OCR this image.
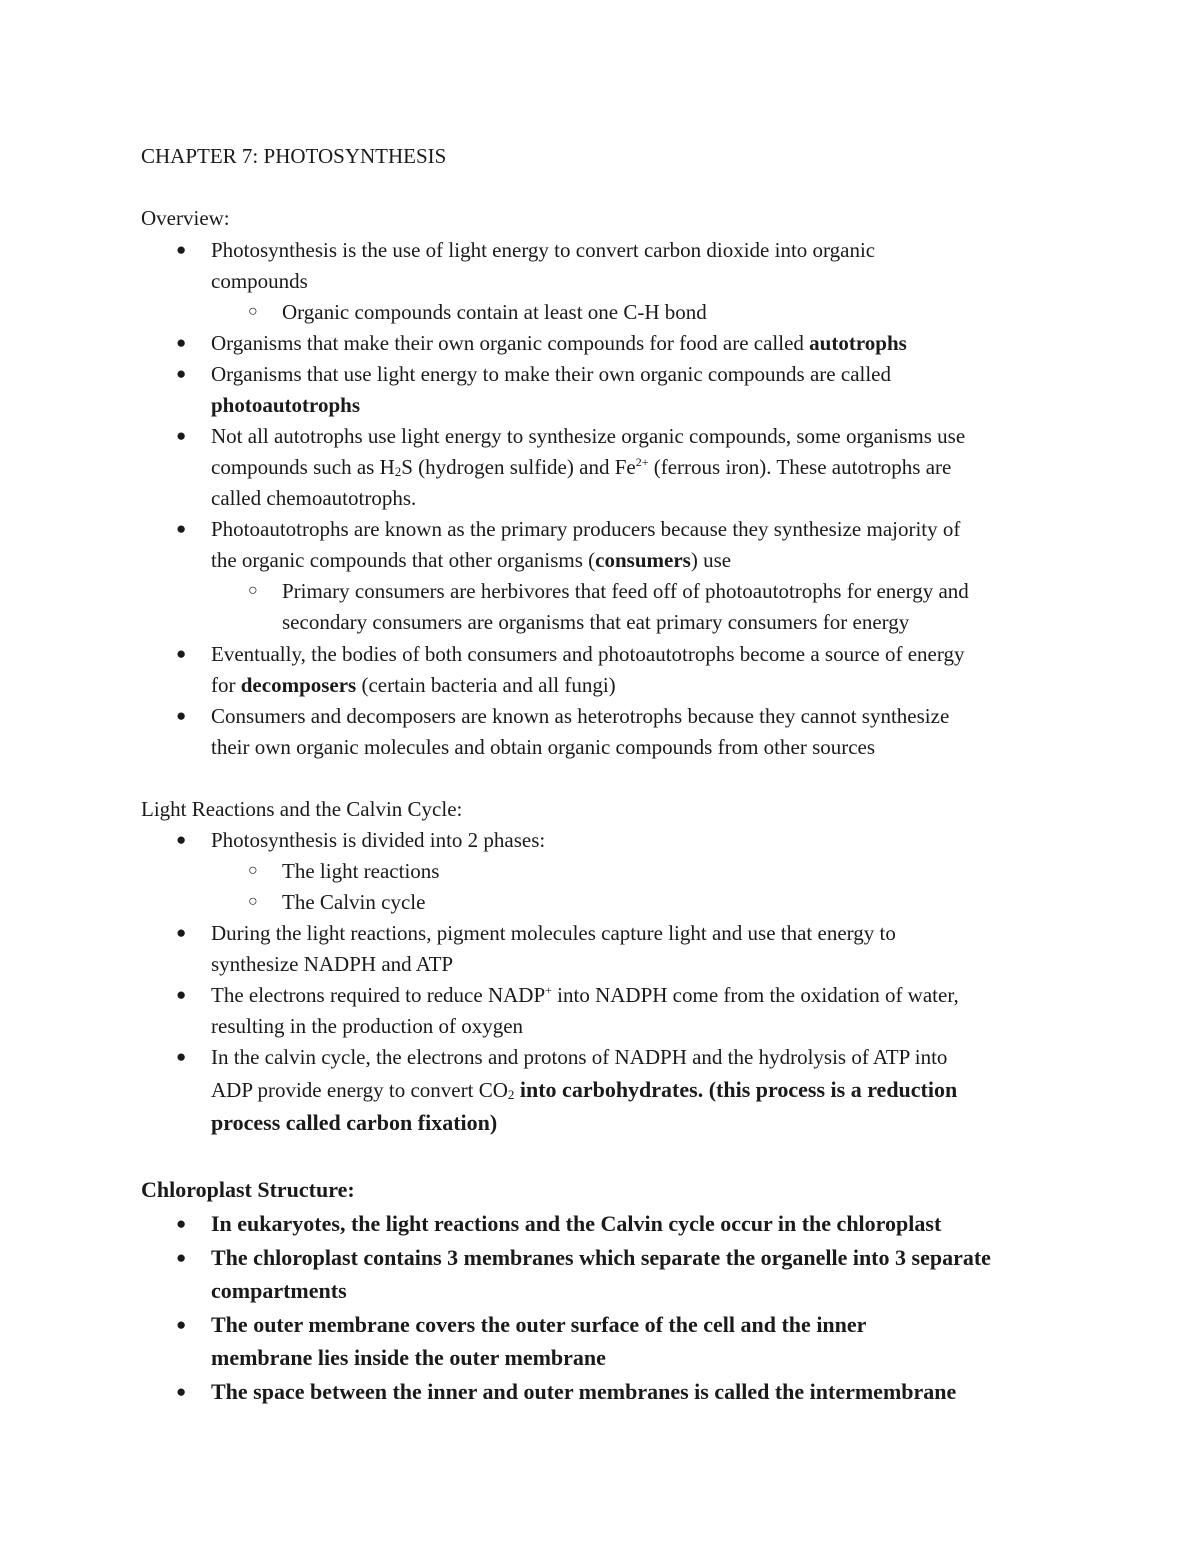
CHAPTER 7: PHOTOSYNTHESIS
Overview:
● Photosynthesis is the use of light energy to convert carbon dioxide into organic
compounds
○ Organic compounds contain at least one C-H bond
● Organisms that make their own organic compounds for food are called autotrophs
● Organisms that use light energy to make their own organic compounds are called
photoautotrophs
● Not all autotrophs use light energy to synthesize organic compounds, some organisms use
compounds such as H2S (hydrogen sulfide) and $Fe^{2+}$ (ferrous iron). These autotrophs are
called chemoautotrophs.
● Photoautotrophs are known as the primary producers because they synthesize majority of
the organic compounds that other organisms (consumers) use
○ Primary consumers are herbivores that feed off of photoautotrophs for energy and
secondary consumers are organisms that eat primary consumers for energy
● Eventually, the bodies of both consumers and photoautotrophs become a source of energy
for decomposers (certain bacteria and all fungi)
● Consumers and decomposers are known as heterotrophs because they cannot synthesize
their own organic molecules and obtain organic compounds from other sources
Light Reactions and the Calvin Cycle:
● Photosynthesis is divided into 2 phases:
○ The light reactions
○ The Calvin cycle
● During the light reactions, pigment molecules capture light and use that energy to
synthesize NADPH and ATP
● The electrons required to reduce NADP+ into NADPH come from the oxidation of water,
resulting in the production of oxygen
● In the calvin cycle, the electrons and protons of NADPH and the hydrolysis of ATP into
ADP provide energy to convert CO2 into carbohydrates. (this process is a reduction
process called carbon fixation)
Chloroplast Structure:
● In eukaryotes, the light reactions and the Calvin cycle occur in the chloroplast
● The chloroplast contains 3 membranes which separate the organelle into 3 separate
compartments
● The outer membrane covers the outer surface of the cell and the inner
membrane lies inside the outer membrane
● The space between the inner and outer membranes is called the intermembrane
